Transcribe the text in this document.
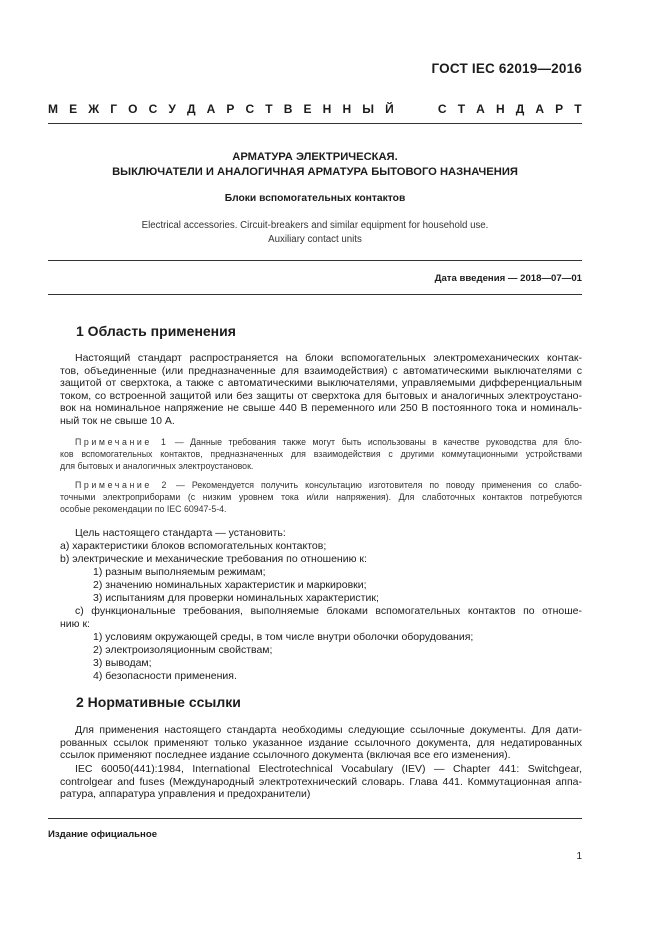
ГОСТ IEC 62019—2016
М Е Ж Г О С У Д А Р С Т В Е Н Н Ы Й	С Т А Н Д А Р Т
АРМАТУРА ЭЛЕКТРИЧЕСКАЯ.
ВЫКЛЮЧАТЕЛИ И АНАЛОГИЧНАЯ АРМАТУРА БЫТОВОГО НАЗНАЧЕНИЯ
Блоки вспомогательных контактов
Electrical accessories. Circuit-breakers and similar equipment for household use.
Auxiliary contact units
Дата введения — 2018—07—01
1 Область применения
Настоящий стандарт распространяется на блоки вспомогательных электромеханических контак-
тов, объединенные (или предназначенные для взаимодействия) с автоматическими выключателями с
защитой от сверхтока, а также с автоматическими выключателями, управляемыми дифференциальным
током, со встроенной защитой или без защиты от сверхтока для бытовых и аналогичных электроустано-
вок на номинальное напряжение не свыше 440 В переменного или 250 В постоянного тока и номиналь-
ный ток не свыше 10 А.
Примечание 1 — Данные требования также могут быть использованы в качестве руководства для бло-
ков вспомогательных контактов, предназначенных для взаимодействия с другими коммутационными устройствами
для бытовых и аналогичных электроустановок.
Примечание 2 — Рекомендуется получить консультацию изготовителя по поводу применения со слабо-
точными электроприборами (с низким уровнем тока и/или напряжения). Для слаботочных контактов потребуются
особые рекомендации по IEC 60947-5-4.
Цель настоящего стандарта — установить:
a) характеристики блоков вспомогательных контактов;
b) электрические и механические требования по отношению к:
1) разным выполняемым режимам;
2) значению номинальных характеристик и маркировки;
3) испытаниям для проверки номинальных характеристик;
c) функциональные требования, выполняемые блоками вспомогательных контактов по отноше-
нию к:
1) условиям окружающей среды, в том числе внутри оболочки оборудования;
2) электроизоляционным свойствам;
3) выводам;
4) безопасности применения.
2 Нормативные ссылки
Для применения настоящего стандарта необходимы следующие ссылочные документы. Для дати-
рованных ссылок применяют только указанное издание ссылочного документа, для недатированных
ссылок применяют последнее издание ссылочного документа (включая все его изменения).
IEC 60050(441):1984, International Electrotechnical Vocabulary (IEV) — Chapter 441: Switchgear,
controlgear and fuses (Международный электротехнический словарь. Глава 441. Коммутационная аппа-
ратура, аппаратура управления и предохранители)
Издание официальное
1
